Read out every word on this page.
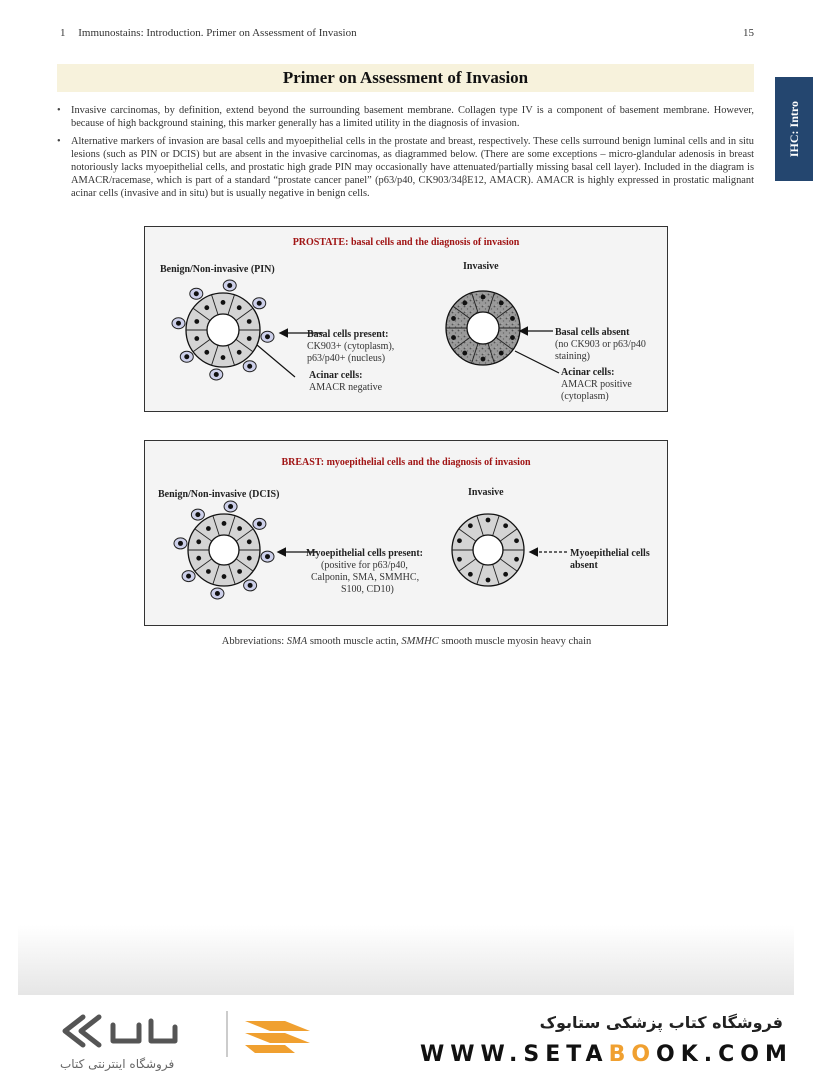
1 Immunostains: Introduction. Primer on Assessment of Invasion	15
IHC: Intro
Primer on Assessment of Invasion
• Invasive carcinomas, by definition, extend beyond the surrounding basement membrane. Collagen type IV is a component of basement membrane. However, because of high background staining, this marker generally has a limited utility in the diagnosis of invasion.
• Alternative markers of invasion are basal cells and myoepithelial cells in the prostate and breast, respectively. These cells surround benign luminal cells and in situ lesions (such as PIN or DCIS) but are absent in the invasive carcinomas, as diagrammed below. (There are some exceptions – micro-glandular adenosis in breast notoriously lacks myoepithelial cells, and prostatic high grade PIN may occasionally have attenuated/partially missing basal cell layer). Included in the diagram is AMACR/racemase, which is part of a standard “prostate cancer panel” (p63/p40, CK903/34βE12, AMACR). AMACR is highly expressed in prostatic malignant acinar cells (invasive and in situ) but is usually negative in benign cells.
PROSTATE: basal cells and the diagnosis of invasion
Benign/Non-invasive (PIN)	Invasive
Basal cells present:
CK903+ (cytoplasm),
p63/p40+ (nucleus)
Acinar cells:
AMACR negative
Basal cells absent
(no CK903 or p63/p40
staining)
Acinar cells:
AMACR positive
(cytoplasm)
BREAST: myoepithelial cells and the diagnosis of invasion
Benign/Non-invasive (DCIS)	Invasive
Myoepithelial cells present:
(positive for p63/p40,
Calponin, SMA, SMMHC,
S100, CD10)
Myoepithelial cells
absent
Abbreviations: SMA smooth muscle actin, SMMHC smooth muscle myosin heavy chain
فروشگاه اینترنتی کتاب
فروشگاه کتاب پزشکی ستابوک
WWW.SETABOOK.COM
